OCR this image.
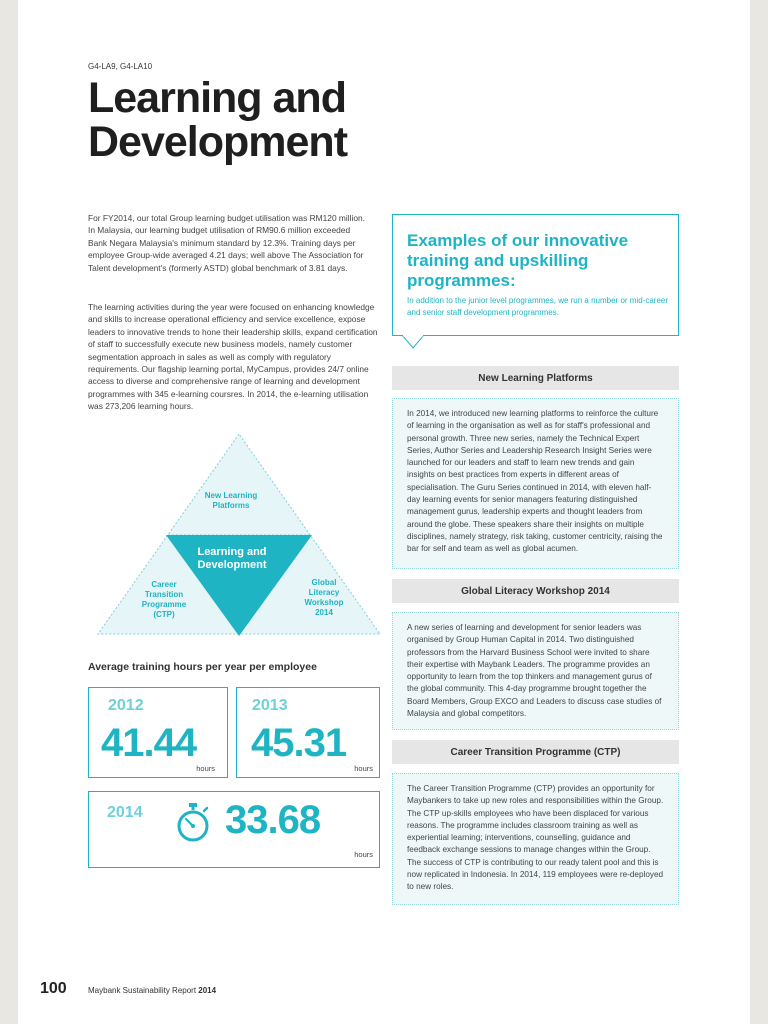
G4-LA9, G4-LA10
Learning and
Development
For FY2014, our total Group learning budget utilisation was RM120 million. In Malaysia, our learning budget utilisation of RM90.6 million exceeded Bank Negara Malaysia's minimum standard by 12.3%. Training days per employee Group-wide averaged 4.21 days; well above The Association for Talent development's (formerly ASTD) global benchmark of 3.81 days.
The learning activities during the year were focused on enhancing knowledge and skills to increase operational efficiency and service excellence, expose leaders to innovative trends to hone their leadership skills, expand certification of staff to successfully execute new business models, namely customer segmentation approach in sales as well as comply with regulatory requirements. Our flagship learning portal, MyCampus, provides 24/7 online access to diverse and comprehensive range of learning and development programmes with 345 e-learning coursres. In 2014, the e-learning utilisation was 273,206 learning hours.
Examples of our innovative training and upskilling programmes:
In addition to the junior level programmes, we run a number or mid-career and senior staff development programmes.
New Learning Platforms
In 2014, we introduced new learning platforms to reinforce the culture of learning in the organisation as well as for staff's professional and personal growth. Three new series, namely the Technical Expert Series, Author Series and Leadership Research Insight Series were launched for our leaders and staff to learn new trends and gain insights on best practices from experts in different areas of specialisation. The Guru Series continued in 2014, with eleven half-day learning events for senior managers featuring distinguished management gurus, leadership experts and thought leaders from around the globe. These speakers share their insights on multiple disciplines, namely strategy, risk taking, customer centricity, raising the bar for self and team as well as global acumen.
Global Literacy Workshop 2014
A new series of learning and development for senior leaders was organised by Group Human Capital in 2014. Two distinguished professors from the Harvard Business School were invited to share their expertise with Maybank Leaders. The programme provides an opportunity to learn from the top thinkers and management gurus of the global community. This 4-day programme brought together the Board Members, Group EXCO and Leaders to discuss case studies of Malaysia and global competitors.
Career Transition Programme (CTP)
The Career Transition Programme (CTP) provides an opportunity for Maybankers to take up new roles and responsibilities within the Group. The CTP up-skills employees who have been displaced for various reasons. The programme includes classroom training as well as experiential learning; interventions, counselling, guidance and feedback exchange sessions to manage changes within the Group. The success of CTP is contributing to our ready talent pool and this is now replicated in Indonesia. In 2014, 119 employees were re-deployed to new roles.
New Learning Platforms
Learning and Development
Career Transition Programme (CTP)
Global Literacy Workshop 2014
Average training hours per year per employee
2012
41.44
hours
2013
45.31
hours
2014 33.68
hours
100	Maybank Sustainability Report 2014
